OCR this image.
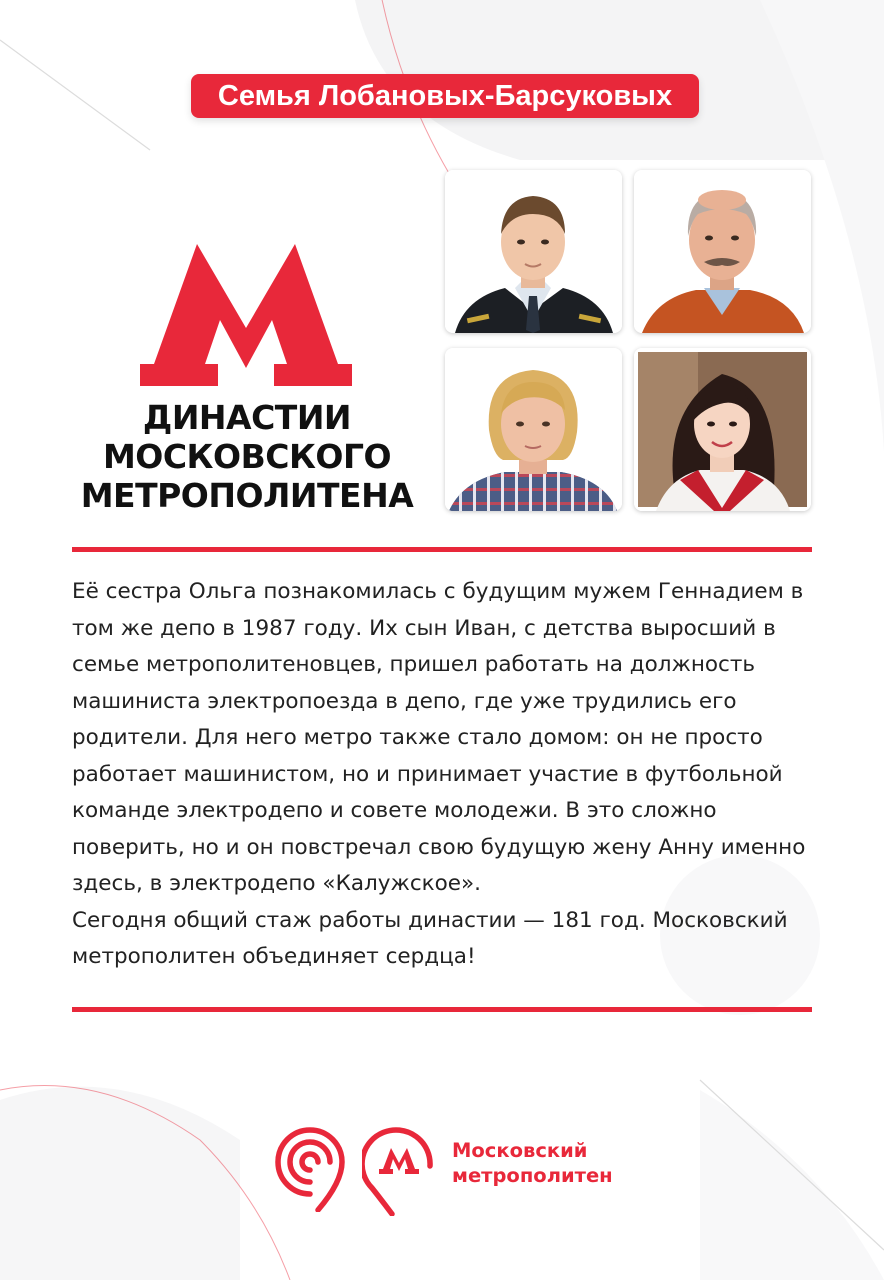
Семья Лобановых-Барсуковых
ДИНАСТИИ
МОСКОВСКОГО
МЕТРОПОЛИТЕНА

Её сестра Ольга познакомилась с будущим мужем Геннадием в том же депо в 1987 году. Их сын Иван, с детства выросший в семье метрополитеновцев, пришел работать на должность машиниста электропоезда в депо, где уже трудились его родители. Для него метро также стало домом: он не просто работает машинистом, но и принимает участие в футбольной команде электродепо и совете молодежи. В это сложно поверить, но и он повстречал свою будущую жену Анну именно здесь, в электродепо «Калужское».

Сегодня общий стаж работы династии — 181 год. Московский метрополитен объединяет сердца!

Московский
метрополитен
